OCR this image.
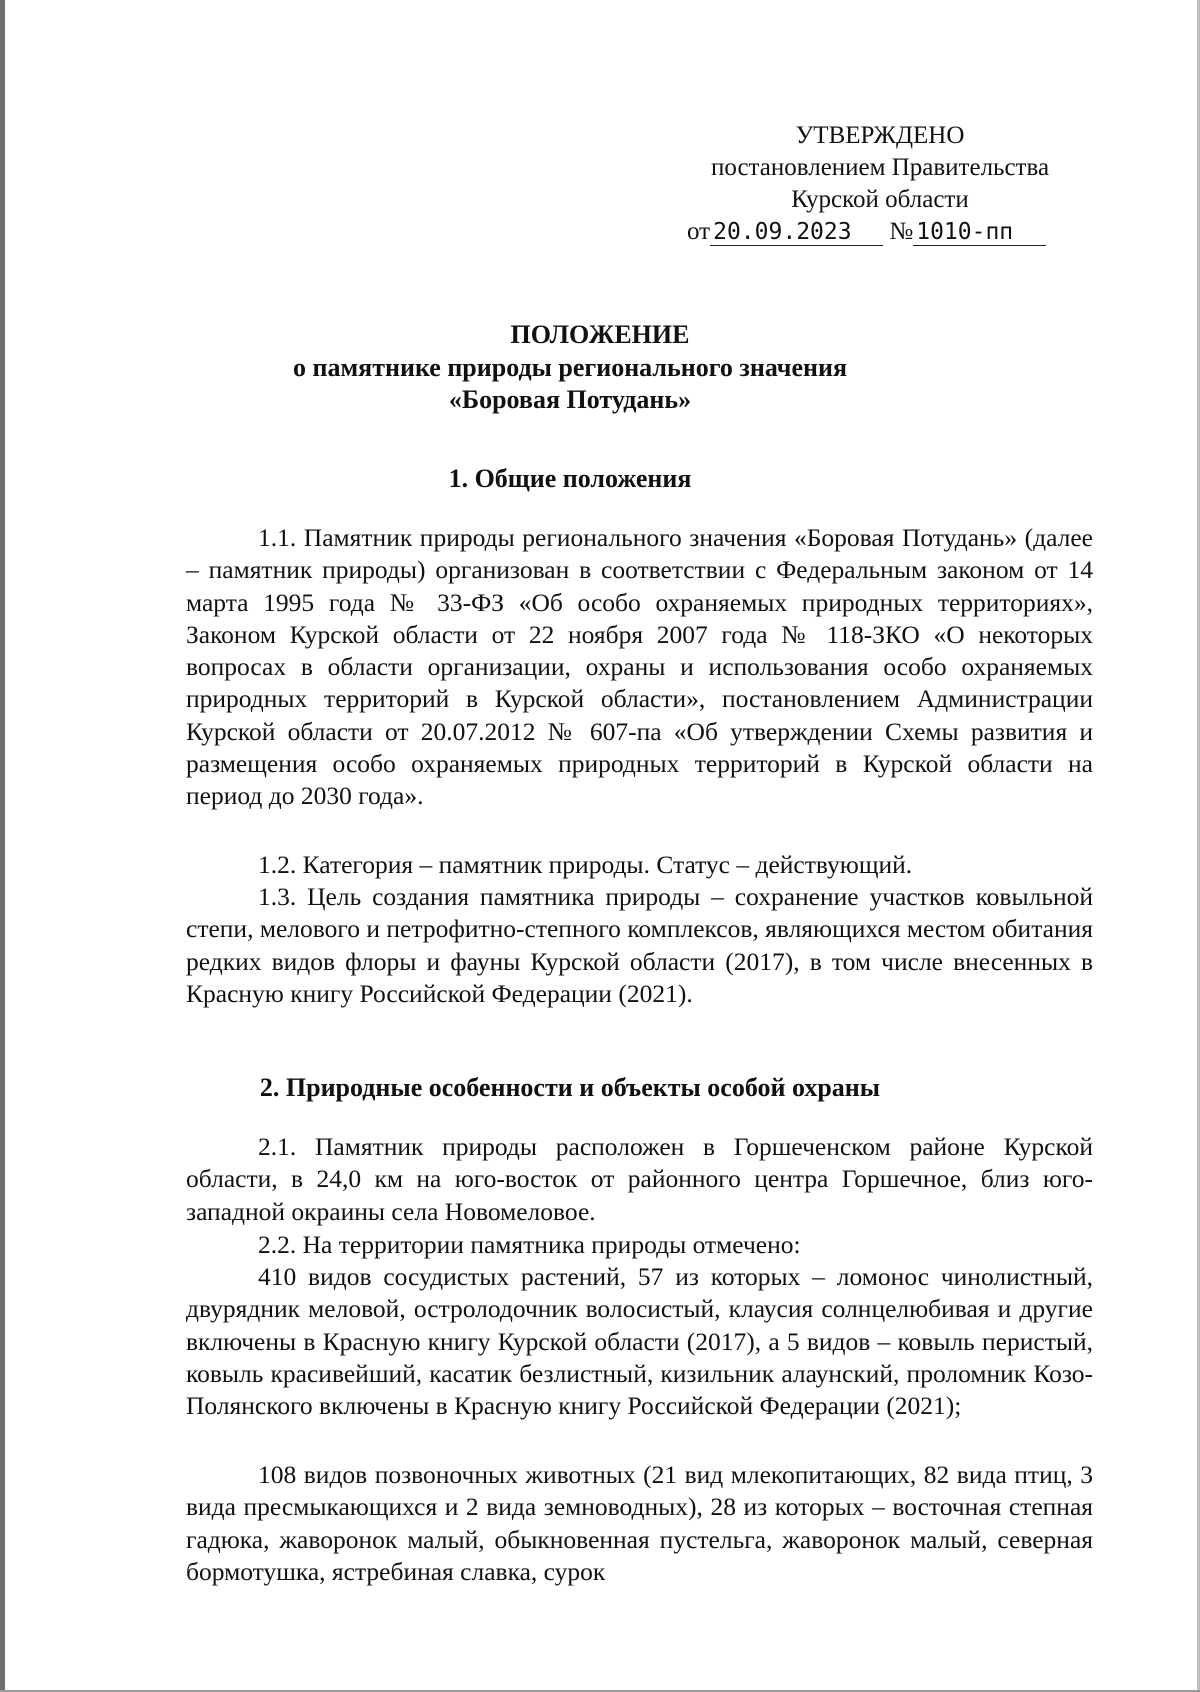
УТВЕРЖДЕНО
постановлением Правительства
Курской области
от 20.09.2023 № 1010-пп
ПОЛОЖЕНИЕ
о памятнике природы регионального значения
«Боровая Потудань»
1. Общие положения

1.1. Памятник природы регионального значения «Боровая Потудань» (далее – памятник природы) организован в соответствии с Федеральным законом от 14 марта 1995 года № 33-ФЗ «Об особо охраняемых природных территориях», Законом Курской области от 22 ноября 2007 года № 118-ЗКО «О некоторых вопросах в области организации, охраны и использования особо охраняемых природных территорий в Курской области», постановлением Администрации Курской области от 20.07.2012 № 607-па «Об утверждении Схемы развития и размещения особо охраняемых природных территорий в Курской области на период до 2030 года».

1.2. Категория – памятник природы. Статус – действующий.

1.3. Цель создания памятника природы – сохранение участков ковыльной степи, мелового и петрофитно-степного комплексов, являющихся местом обитания редких видов флоры и фауны Курской области (2017), в том числе внесенных в Красную книгу Российской Федерации (2021).

2. Природные особенности и объекты особой охраны

2.1. Памятник природы расположен в Горшеченском районе Курской области, в 24,0 км на юго-восток от районного центра Горшечное, близ юго-западной окраины села Новомеловое.

2.2. На территории памятника природы отмечено:

410 видов сосудистых растений, 57 из которых – ломонос чинолистный, двурядник меловой, остролодочник волосистый, клаусия солнцелюбивая и другие включены в Красную книгу Курской области (2017), а 5 видов – ковыль перистый, ковыль красивейший, касатик безлистный, кизильник алаунский, проломник Козо-Полянского включены в Красную книгу Российской Федерации (2021);

108 видов позвоночных животных (21 вид млекопитающих, 82 вида птиц, 3 вида пресмыкающихся и 2 вида земноводных), 28 из которых – восточная степная гадюка, жаворонок малый, обыкновенная пустельга, жаворонок малый, северная бормотушка, ястребиная славка, сурок
